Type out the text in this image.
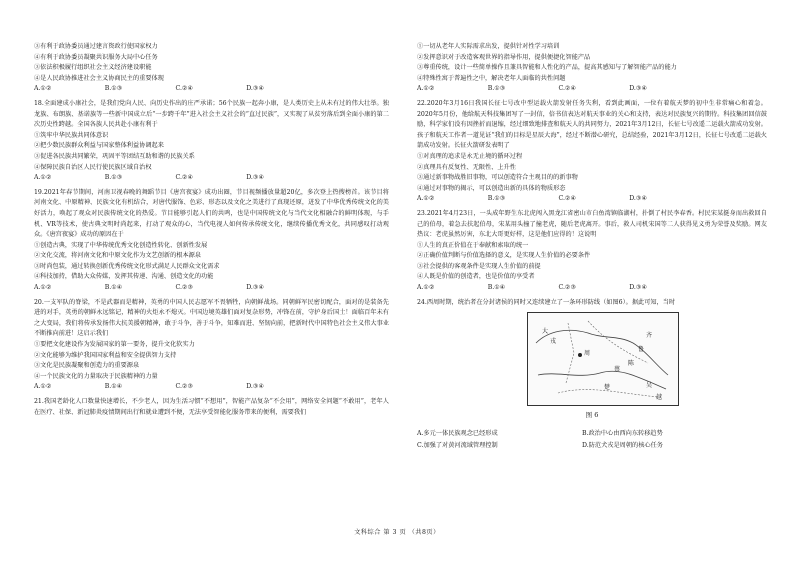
③有利于政协委员通过建言资政行使国家权力
④有利于政协委员凝聚共识服务大局中心任务
③依法积极履行组织社会主义经济建设职能
④是人民政协推进社会主义协商民主的重要体现
A.①②	B.①③	C.②④	D.③④
18.全面建成小康社会，是我们党向人民、向历史作出的庄严承诺；56个民族一起奔小康，是人类历史上从未有过的伟大壮举。独龙族、布朗族、基诺族等一些新中国成立后“一步跨千年”进入社会主义社会的“直过民族”，又实现了从贫穷落后到全面小康的第二次历史性跨越。全国各族人民共赴小康有利于
①筑牢中华民族共同体意识
②把少数民族群众利益与国家整体利益协调起来
③促进各民族共同繁荣，巩固平等团结互助和谐的民族关系
④保障民族自治区人民行使民族区域自治权
A.①②	B.①③	C.②④	D.③④
19.2021年春节期间，河南卫视春晚的舞蹈节目《唐宫夜宴》成功出圈，节目视频播放量超20亿，多次登上热搜榜首。该节目将河南文化、中原精神、民族文化有机结合，对唐代服饰、色彩、形态以及文化之美进行了真现还原，迸发了中华优秀传统文化的美好活力，唤起了观众对民族传统文化的热爱。节目能够引起人们的共鸣，也是中国传统文化与当代文化相融合的鲜明体现，与手机、VR等技术，使古典文明时尚起来，打动了观众的心，当代电视人如何传承传统文化，继续传播优秀文化，共同感叹打动观众。《唐宫夜宴》成功的原因在于
①创造古典，实现了中华传统优秀文化创造性转化、创新性发展
②文化交流，将河南文化和中原文化作为文艺创新的根本源泉
③时尚包装，通过转换创新优秀传统文化形式满足人民群众文化需求
④科技加持，借助大众传媒，发挥其传递、沟通、创造文化的功能
A.①②	B.①④	C.②③	D.③④
20.一支军队的脊梁，不是武器而是精神，英勇的中国人民志愿军不畏牺牲，向朝鲜战场。同朝鲜军民密切配合，面对的是装备先进的对手，英勇的朝鲜永远铭记，精神的火炬永不熄灭。中国边境英雄们面对复杂形势，冲锋在前，守护身后国土！面临百年未有之大变局，我们将传承发扬伟大抗美援朝精神，敢于斗争，善于斗争，知难而进、坚韧向前，把新时代中国特色社会主义伟大事业不断推向前进！这启示我们
①要把文化建设作为发展国家的第一要务，提升文化软实力
②文化能够为维护我国国家利益和安全提供智力支持
③文化是民族凝聚和创造力的重要源泉
④一个民族文化的力量取决于民族精神的力量
A.①②	B.①④	C.②③	D.③④
21.我国老龄化人口数量快速增长，不少老人，因为生活习惯“不想用”，智能产品复杂“不会用”，网络安全问题“不敢用”，老年人在医疗、社保、新冠肺炎疫情期间出行和就业遭到不便，无法享受智能化服务带来的便利，需要我们
①一切从老年人实际需求出发，提供针对性学习培训
②发挥意识对于改造客观世界的指导作用，提供便捷化智能产品
③尊重传统，设计一些简单操作且兼具智能和人性化的产品，提高其感知与了解智能产品的能力
④特殊性寓于普遍性之中，解决老年人面临的共性问题
A.①②	B.①③	C.②④	D.③④
22.2020年3月16日我国长征七号改中型运载火箭发射任务失利，看到此画面，一位有着航天梦的初中生非常痛心和着急。2020年5月份，他给航天科技集团写了一封信，倍书信表达对航天事业的关心和支持，表达对民族复兴的期待。科技集团回信鼓励，科学家们没有因挫折而退缩，经过细致地排查和航天人的共同努力，2021年3月12日，长征七号改遥二运载火箭成功发射。孩子和航天工作者一道见证“我们的目标是星辰大海”，经过不断潜心研究，总结经验，2021年3月12日，长征七号改遥二运载火箭成功发射。长征火箭研发表明了
①对真理的追求是永无止境的循环过程
②真理具有反复性、无限性、上升性
③通过新事物战胜旧事物，可以创造符合主观目的的新事物
④通过对事物的揭示，可以创造出新的具体的物质形态
A.①②	B.①③	C.②④	D.③④
23.2021年4月23日，一头成年野生东北虎闯入黑龙江省密山市白鱼湾镇临湖村，扑倒了村民李春香。村民宋某挺身而出救回自己的伯母，着急去扶起伯母，宋某用头撞了撞老虎，随后老虎离开。事后，救人司机宋国等二人获得见义勇为荣誉及奖励。网友热议：老虎虽然厉害，东北大哥更好样，这是他们应得的！这说明
①人生的真正价值在于奉献和索取的统一
②正确价值判断与价值选择的意义，是实现人生价值的必要条件
③社会提供的客观条件是实现人生价值的前提
④人既是价值的创造者，也是价值的享受者
A.①②	B.①④	C.②③	D.③④
24.西周时期，统治者在分封诸侯的同时又连续建立了一条环形防线（如图6）。据此可知，当时
大
戎
周
蔡
陈
楚	吴
越
齐
鲁
图 6
A.多元一体民族观念已经形成	B.政治中心由西向东转移趋势
C.加强了对黄河流域管理控制	D.防范犬戎是周朝的核心任务
文科综合 第 3 页 （共8页）
